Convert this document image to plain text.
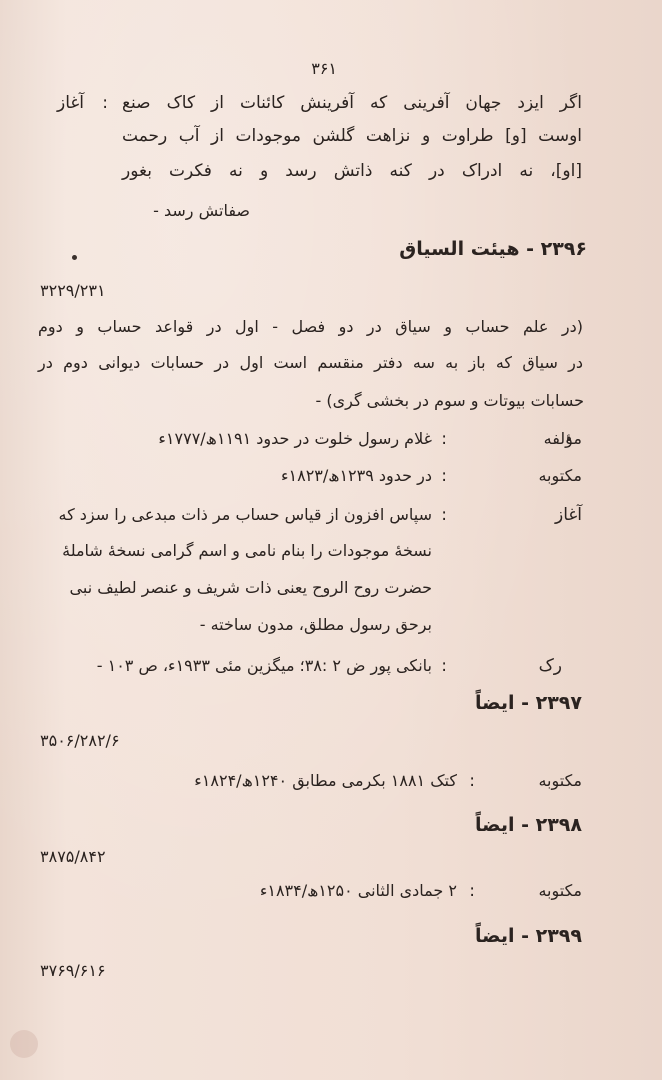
۳۶۱
آغاز : اگر ایزد جهان آفرینی که آفرینش کائنات از کاک صنع
اوست [و] طراوت و نزاهت گلشن موجودات از آب رحمت
[او]، نه ادراک در کنه ذاتش رسد و نه فکرت بغور
صفاتش رسد -
۲۳۹۶ - هیئت السیاق
۳۲۲۹/۲۳۱
(در علم حساب و سیاق در دو فصل - اول در قواعد حساب و دوم
در سیاق که باز به سه دفتر منقسم است اول در حسابات دیوانی دوم در
حسابات بیوتات و سوم در بخشی گری) -
مؤلفه
:
غلام رسول خلوت در حدود ۱۱۹۱ھ/۱۷۷۷ء
مکتوبه
:
در حدود ۱۲۳۹ھ/۱۸۲۳ء
آغاز
:
سپاس افزون از قیاس حساب مر ذات مبدعی را سزد که
نسخهٔ موجودات را بنام نامی و اسم گرامی نسخهٔ شاملهٔ
حضرت روح الروح یعنی ذات شریف و عنصر لطیف نبی
برحق رسول مطلق، مدون ساخته -
رک
:
بانکی پور ض ۲ :۳۸؛ میگزین مئی ۱۹۳۳ء، ص ۱۰۳ -
۲۳۹۷ - ایضاً
۳۵۰۶/۲۸۲/۶
مکتوبه
:
کتک ۱۸۸۱ بکرمی مطابق ۱۲۴۰ھ/۱۸۲۴ء
۲۳۹۸ - ایضاً
۳۸۷۵/۸۴۲
مکتوبه
:
۲ جمادی الثانی ۱۲۵۰ھ/۱۸۳۴ء
۲۳۹۹ - ایضاً
۳۷۶۹/۶۱۶
